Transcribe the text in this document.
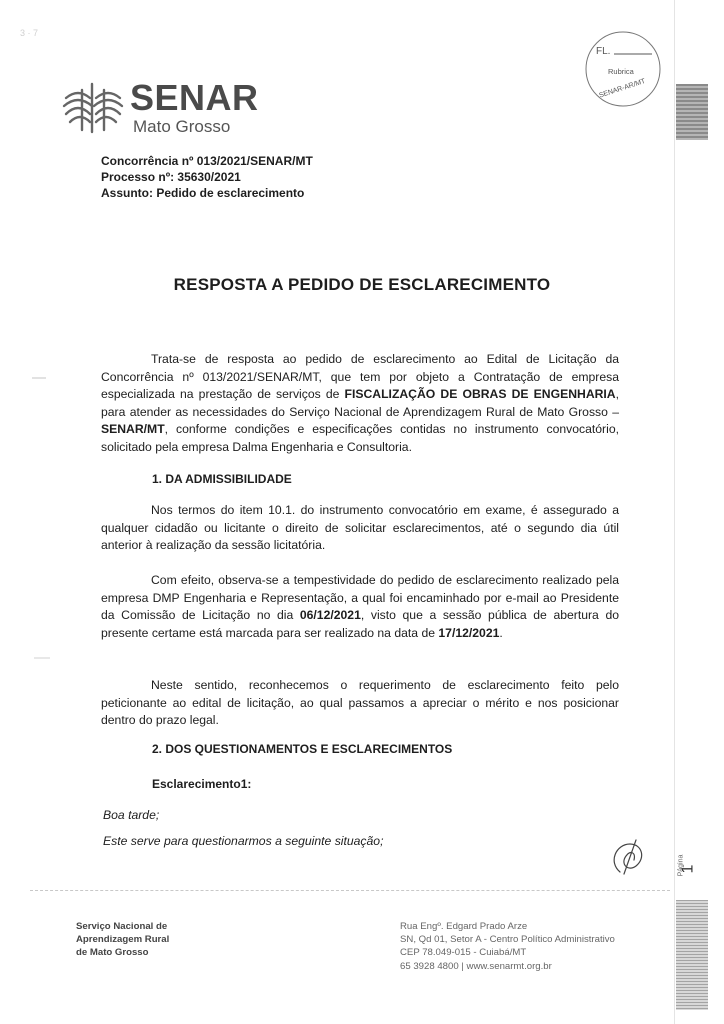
3 · 7
SENAR
Mato Grosso
FL.
Rubrica
SENAR-AR/MT
Concorrência nº 013/2021/SENAR/MT
Processo nº: 35630/2021
Assunto: Pedido de esclarecimento
RESPOSTA A PEDIDO DE ESCLARECIMENTO
Trata-se de resposta ao pedido de esclarecimento ao Edital de Licitação da Concorrência nº 013/2021/SENAR/MT, que tem por objeto a Contratação de empresa especializada na prestação de serviços de FISCALIZAÇÃO DE OBRAS DE ENGENHARIA, para atender as necessidades do Serviço Nacional de Aprendizagem Rural de Mato Grosso – SENAR/MT, conforme condições e especificações contidas no instrumento convocatório, solicitado pela empresa Dalma Engenharia e Consultoria.
1. DA ADMISSIBILIDADE
Nos termos do item 10.1. do instrumento convocatório em exame, é assegurado a qualquer cidadão ou licitante o direito de solicitar esclarecimentos, até o segundo dia útil anterior à realização da sessão licitatória.
Com efeito, observa-se a tempestividade do pedido de esclarecimento realizado pela empresa DMP Engenharia e Representação, a qual foi encaminhado por e-mail ao Presidente da Comissão de Licitação no dia 06/12/2021, visto que a sessão pública de abertura do presente certame está marcada para ser realizado na data de 17/12/2021.
Neste sentido, reconhecemos o requerimento de esclarecimento feito pelo peticionante ao edital de licitação, ao qual passamos a apreciar o mérito e nos posicionar dentro do prazo legal.
2. DOS QUESTIONAMENTOS E ESCLARECIMENTOS
Esclarecimento1:
Boa tarde;
Este serve para questionarmos a seguinte situação;
Página
1
Serviço Nacional de
Aprendizagem Rural
de Mato Grosso
Rua Engº. Edgard Prado Arze
SN, Qd 01, Setor A - Centro Político Administrativo
CEP 78.049-015 - Cuiabá/MT
65 3928 4800 | www.senarmt.org.br
